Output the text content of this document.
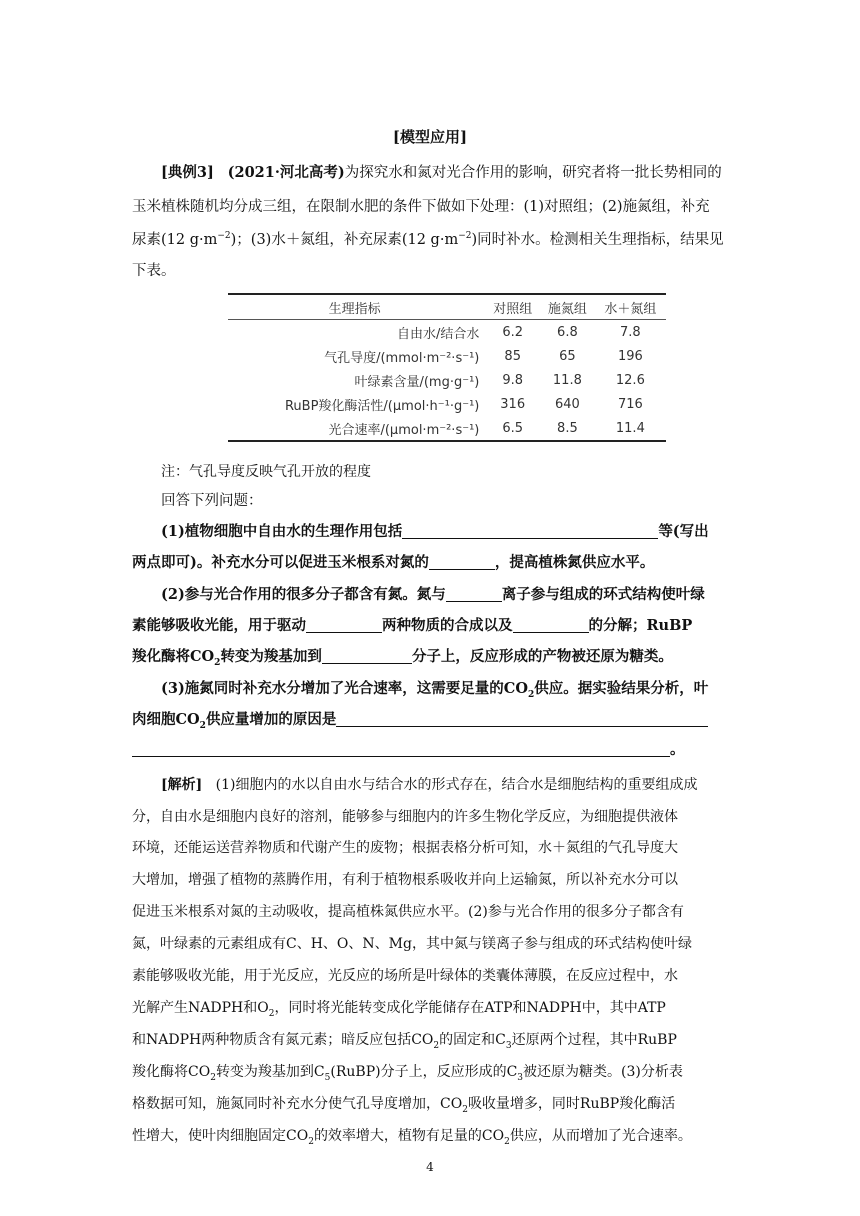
[模型应用]
[典例3] (2021·河北高考)为探究水和氮对光合作用的影响，研究者将一批长势相同的
玉米植株随机均分成三组，在限制水肥的条件下做如下处理：(1)对照组；(2)施氮组，补充
尿素(12 $g\cdot m^{-2}$)；(3)水＋氮组，补充尿素(12 $g\cdot m^{-2}$)同时补水。检测相关生理指标，结果见
下表。
生理指标	对照组	施氮组	水＋氮组
自由水/结合水	6.2	6.8	7.8
气孔导度/(mmol·m⁻²·s⁻¹)	85	65	196
叶绿素含量/(mg·g⁻¹)	9.8	11.8	12.6
RuBP羧化酶活性/(μmol·h⁻¹·g⁻¹)	316	640	716
光合速率/(μmol·m⁻²·s⁻¹)	6.5	8.5	11.4
注：气孔导度反映气孔开放的程度
回答下列问题：
(1)植物细胞中自由水的生理作用包括	等(写出
两点即可)。补充水分可以促进玉米根系对氮的	，提高植株氮供应水平。
(2)参与光合作用的很多分子都含有氮。氮与	离子参与组成的环式结构使叶绿
素能够吸收光能，用于驱动	两种物质的合成以及	的分解；RuBP
羧化酶将$CO_2$转变为羧基加到	分子上，反应形成的产物被还原为糖类。
(3)施氮同时补充水分增加了光合速率，这需要足量的$CO_2$供应。据实验结果分析，叶
肉细胞$CO_2$供应量增加的原因是
。
[解析] (1)细胞内的水以自由水与结合水的形式存在，结合水是细胞结构的重要组成成
分，自由水是细胞内良好的溶剂，能够参与细胞内的许多生物化学反应，为细胞提供液体
环境，还能运送营养物质和代谢产生的废物；根据表格分析可知，水＋氮组的气孔导度大
大增加，增强了植物的蒸腾作用，有利于植物根系吸收并向上运输氮，所以补充水分可以
促进玉米根系对氮的主动吸收，提高植株氮供应水平。(2)参与光合作用的很多分子都含有
氮，叶绿素的元素组成有C、H、O、N、Mg，其中氮与镁离子参与组成的环式结构使叶绿
素能够吸收光能，用于光反应，光反应的场所是叶绿体的类囊体薄膜，在反应过程中，水
光解产生NADPH和$O_2$，同时将光能转变成化学能储存在ATP和NADPH中，其中ATP
和NADPH两种物质含有氮元素；暗反应包括$CO_2$的固定和$C_3$还原两个过程，其中RuBP
羧化酶将$CO_2$转变为羧基加到$C_5(RuBP)$分子上，反应形成的$C_3$被还原为糖类。(3)分析表
格数据可知，施氮同时补充水分使气孔导度增加，$CO_2$吸收量增多，同时RuBP羧化酶活
4
性增大，使叶肉细胞固定$CO_2$的效率增大，植物有足量的$CO_2$供应，从而增加了光合速率。
